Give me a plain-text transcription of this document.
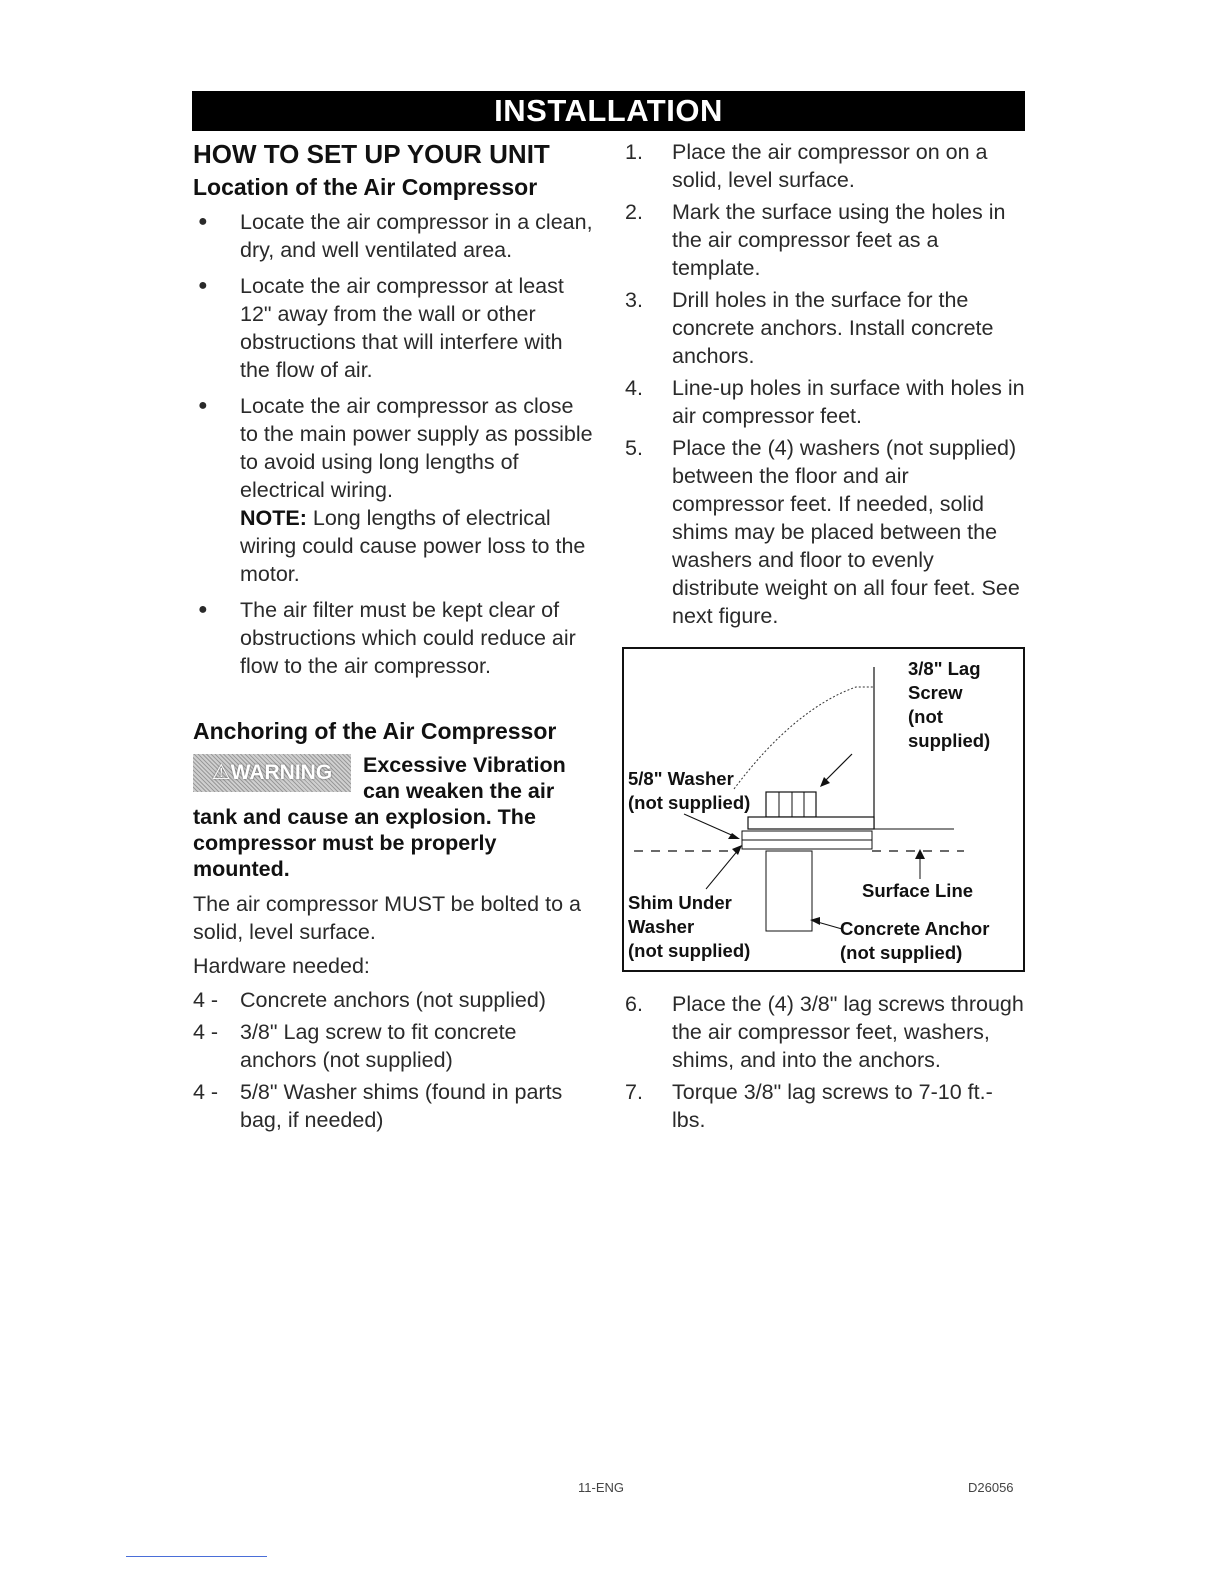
INSTALLATION
HOW TO SET UP YOUR UNIT
Location of the Air Compressor
● Locate the air compressor in a clean, dry, and well ventilated area.
● Locate the air compressor at least 12" away from the wall or other obstructions that will interfere with the flow of air.
● Locate the air compressor as close to the main power supply as possible to avoid using long lengths of electrical wiring.
NOTE: Long lengths of electrical wiring could cause power loss to the motor.
● The air filter must be kept clear of obstructions which could reduce air flow to the air compressor.
Anchoring of the Air Compressor
⚠WARNING	Excessive Vibration can weaken the air tank and cause an explosion. The compressor must be properly mounted.
The air compressor MUST be bolted to a solid, level surface.
Hardware needed:
4 - Concrete anchors (not supplied)
4 - 3/8" Lag screw to fit concrete anchors (not supplied)
4 - 5/8" Washer shims (found in parts bag, if needed)
1. Place the air compressor on on a solid, level surface.
2. Mark the surface using the holes in the air compressor feet as a template.
3. Drill holes in the surface for the concrete anchors. Install concrete anchors.
4. Line-up holes in surface with holes in air compressor feet.
5. Place the (4) washers (not supplied) between the floor and air compressor feet. If needed, solid shims may be placed between the washers and floor to evenly distribute weight on all four feet. See next figure.
3/8" Lag
Screw
(not
supplied)
5/8" Washer
(not supplied)
Shim Under
Washer
(not supplied)
Surface Line
Concrete Anchor
(not supplied)
6. Place the (4) 3/8" lag screws through the air compressor feet, washers, shims, and into the anchors.
7. Torque 3/8" lag screws to 7-10 ft.-lbs.
11-ENG	D26056
